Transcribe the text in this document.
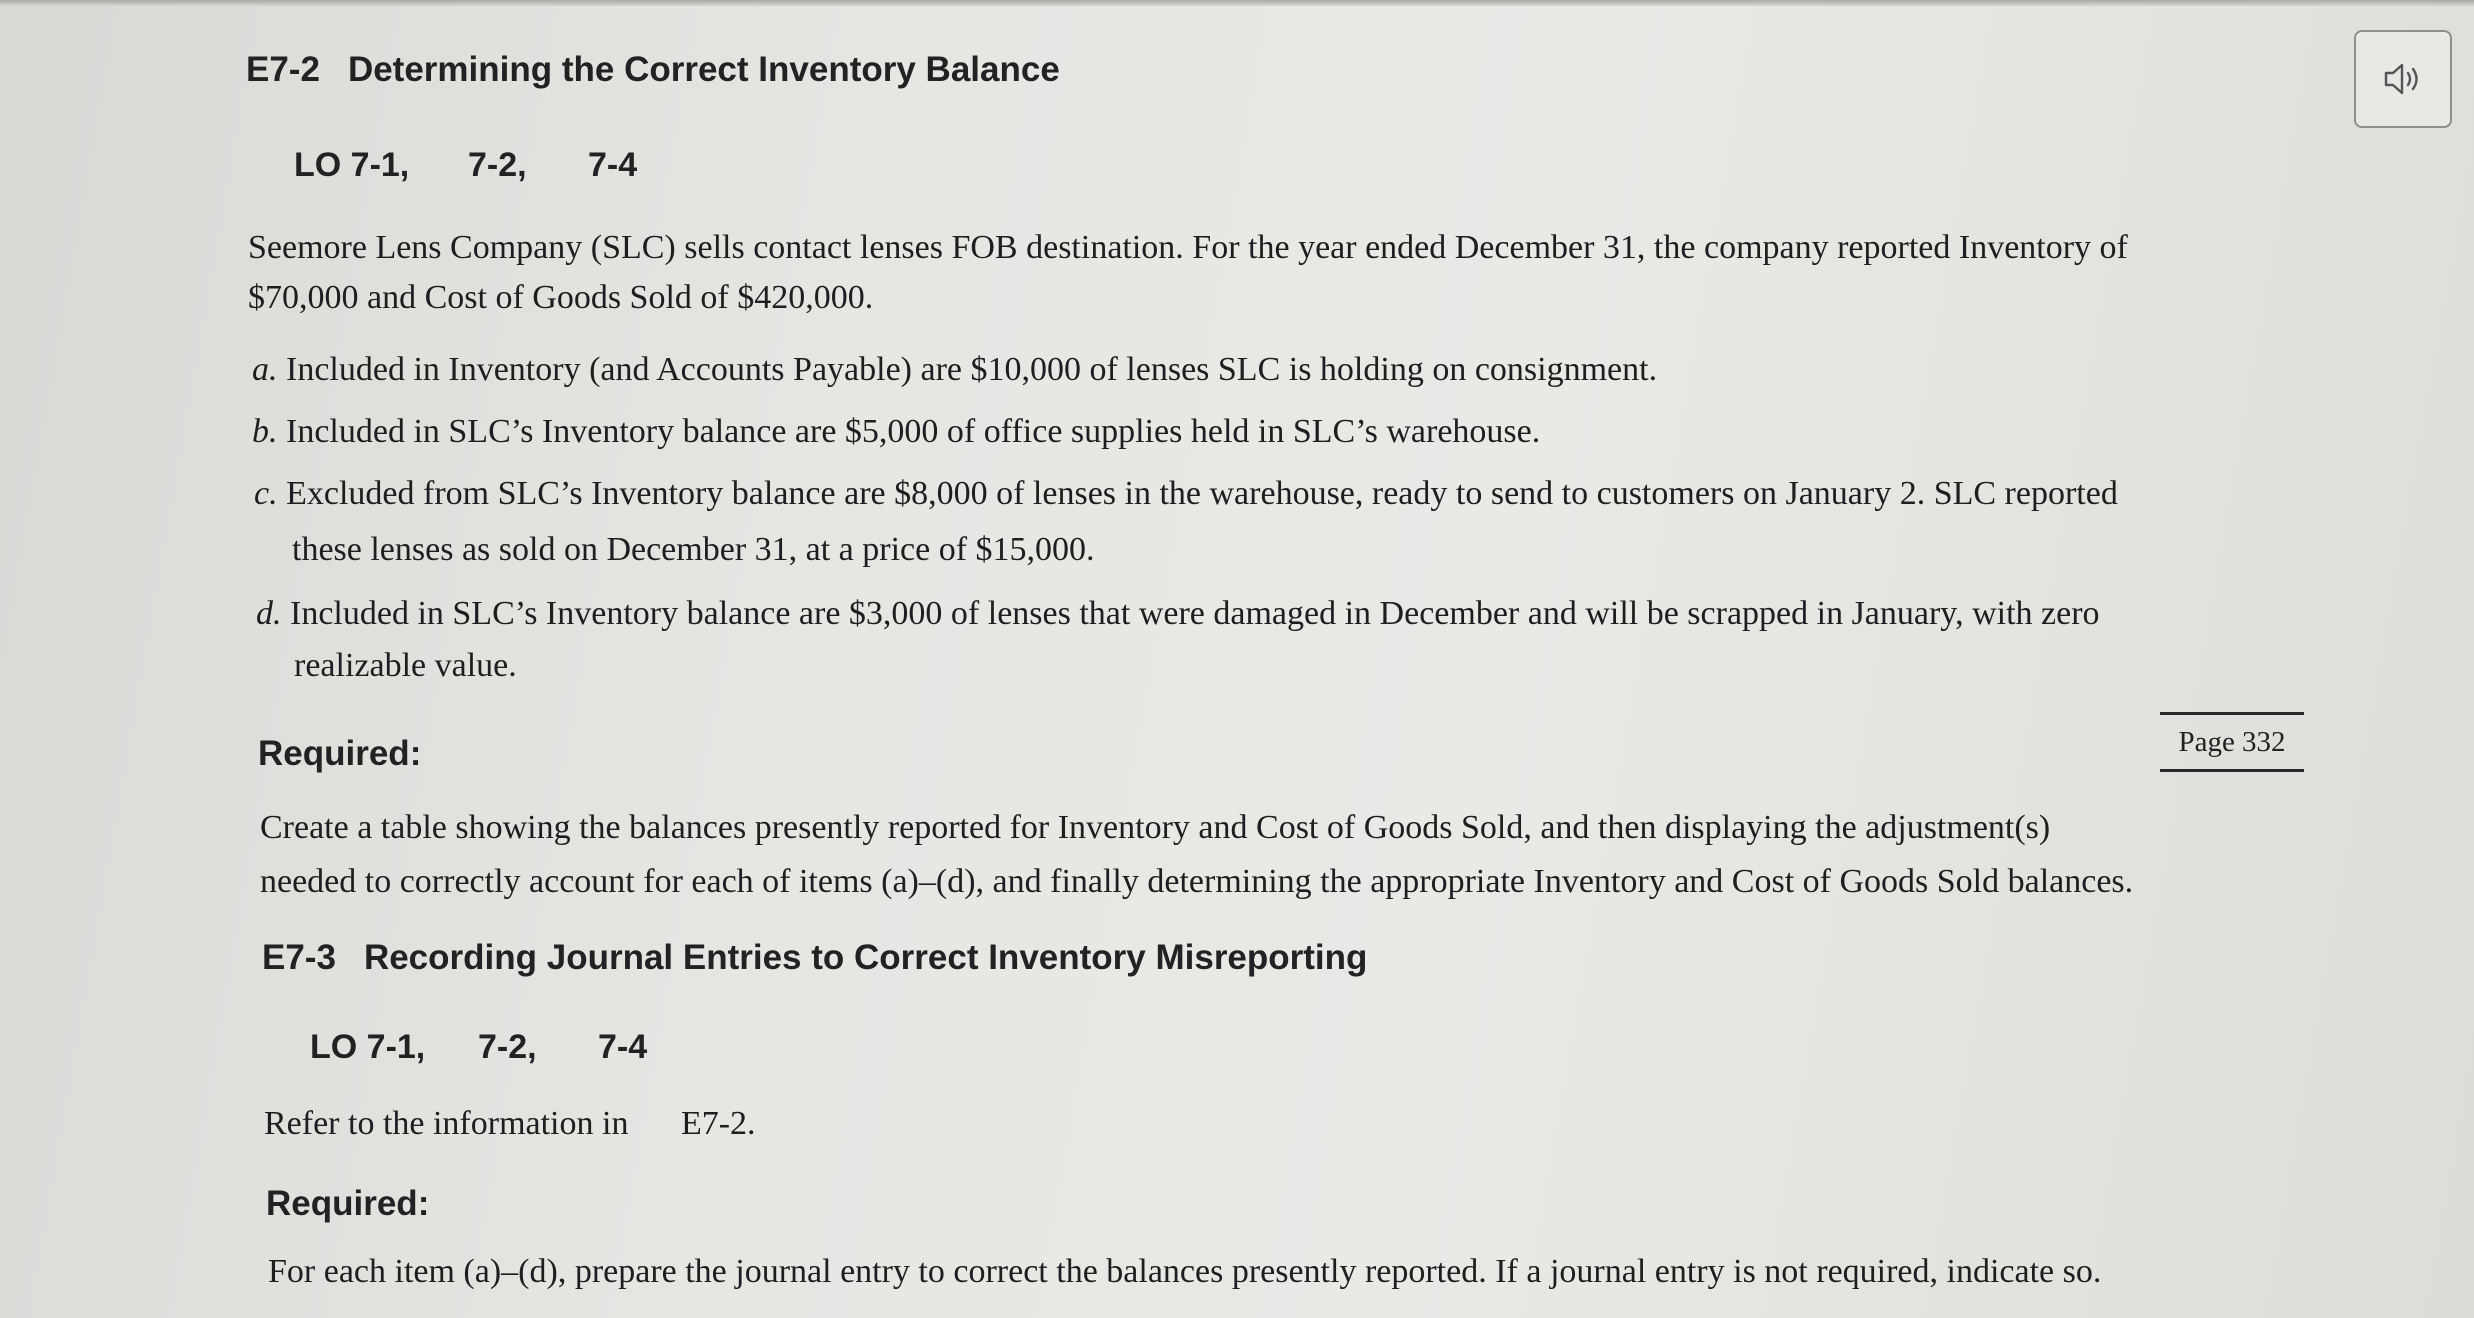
E7-2 Determining the Correct Inventory Balance
LO 7-1, 7-2, 7-4
Seemore Lens Company (SLC) sells contact lenses FOB destination. For the year ended December 31, the company reported Inventory of
$70,000 and Cost of Goods Sold of $420,000.
a. Included in Inventory (and Accounts Payable) are $10,000 of lenses SLC is holding on consignment.
b. Included in SLC’s Inventory balance are $5,000 of office supplies held in SLC’s warehouse.
c. Excluded from SLC’s Inventory balance are $8,000 of lenses in the warehouse, ready to send to customers on January 2. SLC reported
these lenses as sold on December 31, at a price of $15,000.
d. Included in SLC’s Inventory balance are $3,000 of lenses that were damaged in December and will be scrapped in January, with zero
realizable value.
Required:	Page 332
Create a table showing the balances presently reported for Inventory and Cost of Goods Sold, and then displaying the adjustment(s)
needed to correctly account for each of items (a)–(d), and finally determining the appropriate Inventory and Cost of Goods Sold balances.
E7-3 Recording Journal Entries to Correct Inventory Misreporting
LO 7-1, 7-2, 7-4
Refer to the information in E7-2.
Required:
For each item (a)–(d), prepare the journal entry to correct the balances presently reported. If a journal entry is not required, indicate so.
